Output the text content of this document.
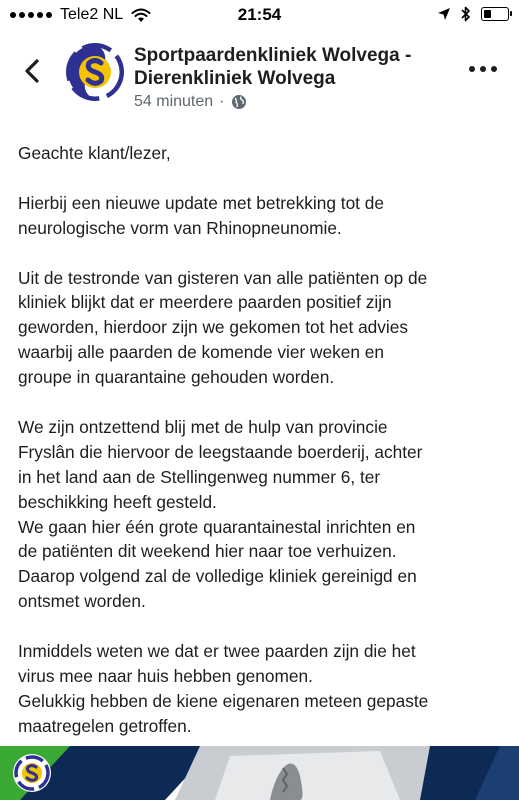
Tele2 NL	21:54
Sportpaardenkliniek Wolvega -
Dierenkliniek Wolvega
54 minuten ·

Geachte klant/lezer,

Hierbij een nieuwe update met betrekking tot de
neurologische vorm van Rhinopneunomie.

Uit de testronde van gisteren van alle patiënten op de
kliniek blijkt dat er meerdere paarden positief zijn
geworden, hierdoor zijn we gekomen tot het advies
waarbij alle paarden de komende vier weken en
groupe in quarantaine gehouden worden.

We zijn ontzettend blij met de hulp van provincie
Fryslân die hiervoor de leegstaande boerderij, achter
in het land aan de Stellingenweg nummer 6, ter
beschikking heeft gesteld.
We gaan hier één grote quarantainestal inrichten en
de patiënten dit weekend hier naar toe verhuizen.
Daarop volgend zal de volledige kliniek gereinigd en
ontsmet worden.

Inmiddels weten we dat er twee paarden zijn die het
virus mee naar huis hebben genomen.
Gelukkig hebben de kiene eigenaren meteen gepaste
maatregelen getroffen.
